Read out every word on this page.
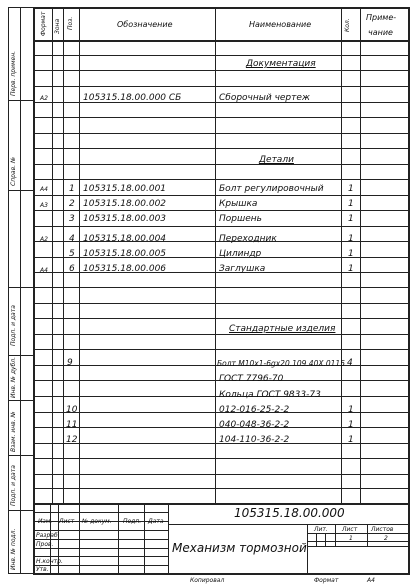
Перв. примен.
Справ. №
Подп. и дата
Инв. № дубл.
Взам. инв. №
Подп. и дата
Инв. № подл.
Формат Зона Поз.	Обозначение	Наименование	Кол.
Приме-
чание
Документация
Детали
Стандартные изделия
А2	105315.18.00.000 СБ	Сборочный чертеж
А4 1 105315.18.00.001	Болт регулировочный	1
А3 2 105315.18.00.002	Крышка	1
3 105315.18.00.003	Поршень	1
А2 4 105315.18.00.004	Переходник	1
5 105315.18.00.005	Цилиндр	1
А4 6 105315.18.00.006	Заглушка	1
9	Болт М10х1-6gх20.109.40Х.0115 4
ГОСТ 7796-70
Кольца ГОСТ 9833-73
10	012-016-25-2-2	1
11	040-048-36-2-2	1
12	104-110-36-2-2	1
Изм. Лист № докум. Подп. Дата
Разраб.
Пров.
Н.контр.
Утв.
105315.18.00.000
Механизм тормозной
Лит. Лист Листов
1	2
Копировал	Формат	А4
